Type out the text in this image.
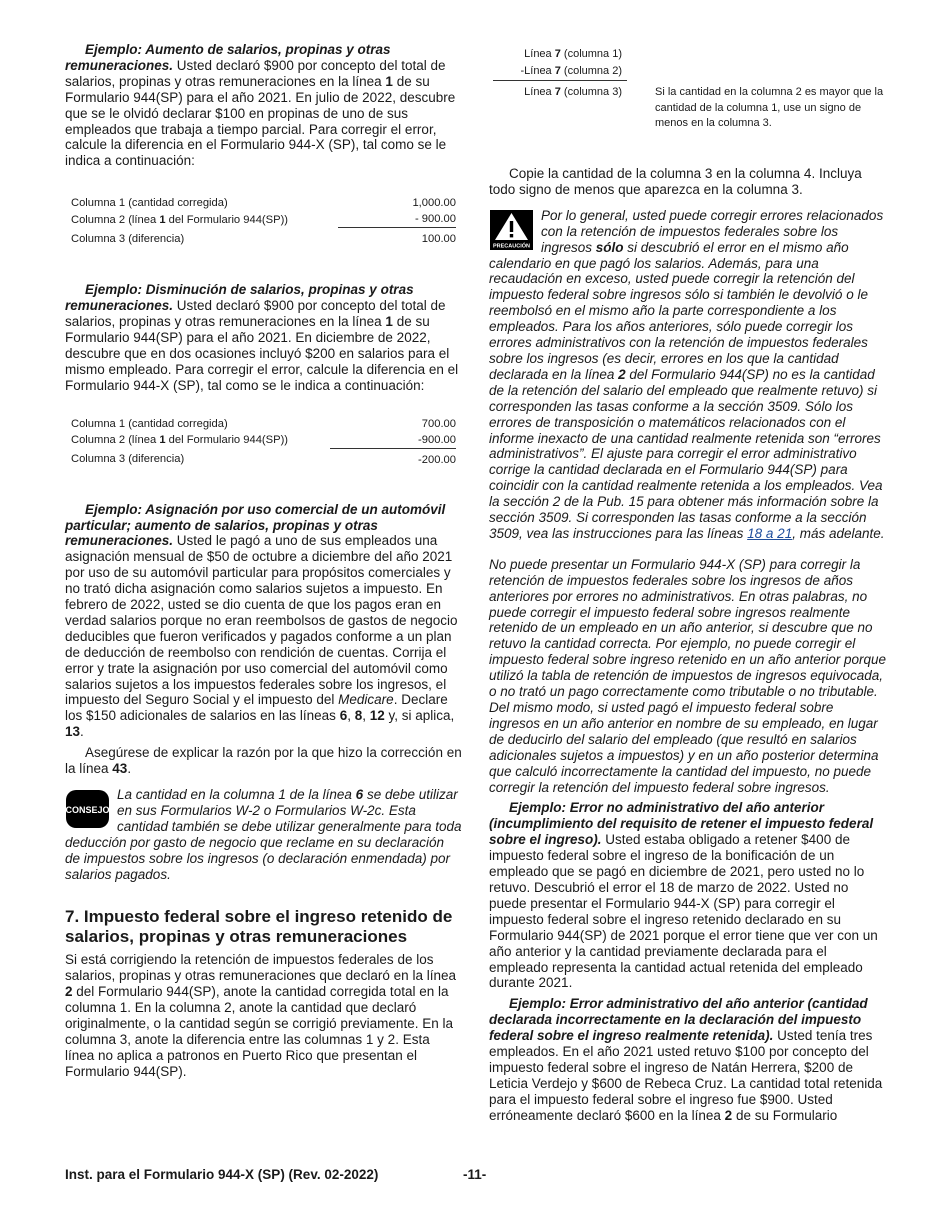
Ejemplo: Aumento de salarios, propinas y otras remuneraciones. Usted declaró $900 por concepto del total de salarios, propinas y otras remuneraciones en la línea 1 de su Formulario 944(SP) para el año 2021. En julio de 2022, descubre que se le olvidó declarar $100 en propinas de uno de sus empleados que trabaja a tiempo parcial. Para corregir el error, calcule la diferencia en el Formulario 944-X (SP), tal como se le indica a continuación:

Columna 1 (cantidad corregida)	1,000.00
Columna 2 (línea 1 del Formulario 944(SP))	- 900.00
Columna 3 (diferencia)	100.00

Ejemplo: Disminución de salarios, propinas y otras remuneraciones. Usted declaró $900 por concepto del total de salarios, propinas y otras remuneraciones en la línea 1 de su Formulario 944(SP) para el año 2021. En diciembre de 2022, descubre que en dos ocasiones incluyó $200 en salarios para el mismo empleado. Para corregir el error, calcule la diferencia en el Formulario 944-X (SP), tal como se le indica a continuación:

Columna 1 (cantidad corregida)	700.00
Columna 2 (línea 1 del Formulario 944(SP))	-900.00
Columna 3 (diferencia)	-200.00

Ejemplo: Asignación por uso comercial de un automóvil particular; aumento de salarios, propinas y otras remuneraciones. Usted le pagó a uno de sus empleados una asignación mensual de $50 de octubre a diciembre del año 2021 por uso de su automóvil particular para propósitos comerciales y no trató dicha asignación como salarios sujetos a impuesto. En febrero de 2022, usted se dio cuenta de que los pagos eran en verdad salarios porque no eran reembolsos de gastos de negocio deducibles que fueron verificados y pagados conforme a un plan de deducción de reembolso con rendición de cuentas. Corrija el error y trate la asignación por uso comercial del automóvil como salarios sujetos a los impuestos federales sobre los ingresos, el impuesto del Seguro Social y el impuesto del Medicare. Declare los $150 adicionales de salarios en las líneas 6, 8, 12 y, si aplica, 13.

Asegúrese de explicar la razón por la que hizo la corrección en la línea 43.

CONSEJO

La cantidad en la columna 1 de la línea 6 se debe utilizar en sus Formularios W-2 o Formularios W-2c. Esta cantidad también se debe utilizar generalmente para toda deducción por gasto de negocio que reclame en su declaración de impuestos sobre los ingresos (o declaración enmendada) por salarios pagados.

7. Impuesto federal sobre el ingreso retenido de salarios, propinas y otras remuneraciones

Si está corrigiendo la retención de impuestos federales de los salarios, propinas y otras remuneraciones que declaró en la línea 2 del Formulario 944(SP), anote la cantidad corregida total en la columna 1. En la columna 2, anote la cantidad que declaró originalmente, o la cantidad según se corrigió previamente. En la columna 3, anote la diferencia entre las columnas 1 y 2. Esta línea no aplica a patronos en Puerto Rico que presentan el Formulario 944(SP).

Línea 7 (columna 1)
-Línea 7 (columna 2)
Línea 7 (columna 3)	Si la cantidad en la columna 2 es mayor que la cantidad de la columna 1, use un signo de menos en la columna 3.

Copie la cantidad de la columna 3 en la columna 4. Incluya todo signo de menos que aparezca en la columna 3.

PRECAUCIÓN

Por lo general, usted puede corregir errores relacionados con la retención de impuestos federales sobre los ingresos sólo si descubrió el error en el mismo año calendario en que pagó los salarios. Además, para una recaudación en exceso, usted puede corregir la retención del impuesto federal sobre ingresos sólo si también le devolvió o le reembolsó en el mismo año la parte correspondiente a los empleados. Para los años anteriores, sólo puede corregir los errores administrativos con la retención de impuestos federales sobre los ingresos (es decir, errores en los que la cantidad declarada en la línea 2 del Formulario 944(SP) no es la cantidad de la retención del salario del empleado que realmente retuvo) si corresponden las tasas conforme a la sección 3509. Sólo los errores de transposición o matemáticos relacionados con el informe inexacto de una cantidad realmente retenida son “errores administrativos”. El ajuste para corregir el error administrativo corrige la cantidad declarada en el Formulario 944(SP) para coincidir con la cantidad realmente retenida a los empleados. Vea la sección 2 de la Pub. 15 para obtener más información sobre la sección 3509. Si corresponden las tasas conforme a la sección 3509, vea las instrucciones para las líneas 18 a 21, más adelante.

No puede presentar un Formulario 944-X (SP) para corregir la retención de impuestos federales sobre los ingresos de años anteriores por errores no administrativos. En otras palabras, no puede corregir el impuesto federal sobre ingresos realmente retenido de un empleado en un año anterior, si descubre que no retuvo la cantidad correcta. Por ejemplo, no puede corregir el impuesto federal sobre ingreso retenido en un año anterior porque utilizó la tabla de retención de impuestos de ingresos equivocada, o no trató un pago correctamente como tributable o no tributable. Del mismo modo, si usted pagó el impuesto federal sobre ingresos en un año anterior en nombre de su empleado, en lugar de deducirlo del salario del empleado (que resultó en salarios adicionales sujetos a impuestos) y en un año posterior determina que calculó incorrectamente la cantidad del impuesto, no puede corregir la retención del impuesto federal sobre ingresos.

Ejemplo: Error no administrativo del año anterior (incumplimiento del requisito de retener el impuesto federal sobre el ingreso). Usted estaba obligado a retener $400 de impuesto federal sobre el ingreso de la bonificación de un empleado que se pagó en diciembre de 2021, pero usted no lo retuvo. Descubrió el error el 18 de marzo de 2022. Usted no puede presentar el Formulario 944-X (SP) para corregir el impuesto federal sobre el ingreso retenido declarado en su Formulario 944(SP) de 2021 porque el error tiene que ver con un año anterior y la cantidad previamente declarada para el empleado representa la cantidad actual retenida del empleado durante 2021.

Ejemplo: Error administrativo del año anterior (cantidad declarada incorrectamente en la declaración del impuesto federal sobre el ingreso realmente retenida). Usted tenía tres empleados. En el año 2021 usted retuvo $100 por concepto del impuesto federal sobre el ingreso de Natán Herrera, $200 de Leticia Verdejo y $600 de Rebeca Cruz. La cantidad total retenida para el impuesto federal sobre el ingreso fue $900. Usted erróneamente declaró $600 en la línea 2 de su Formulario

Inst. para el Formulario 944-X (SP) (Rev. 02-2022)	-11-
